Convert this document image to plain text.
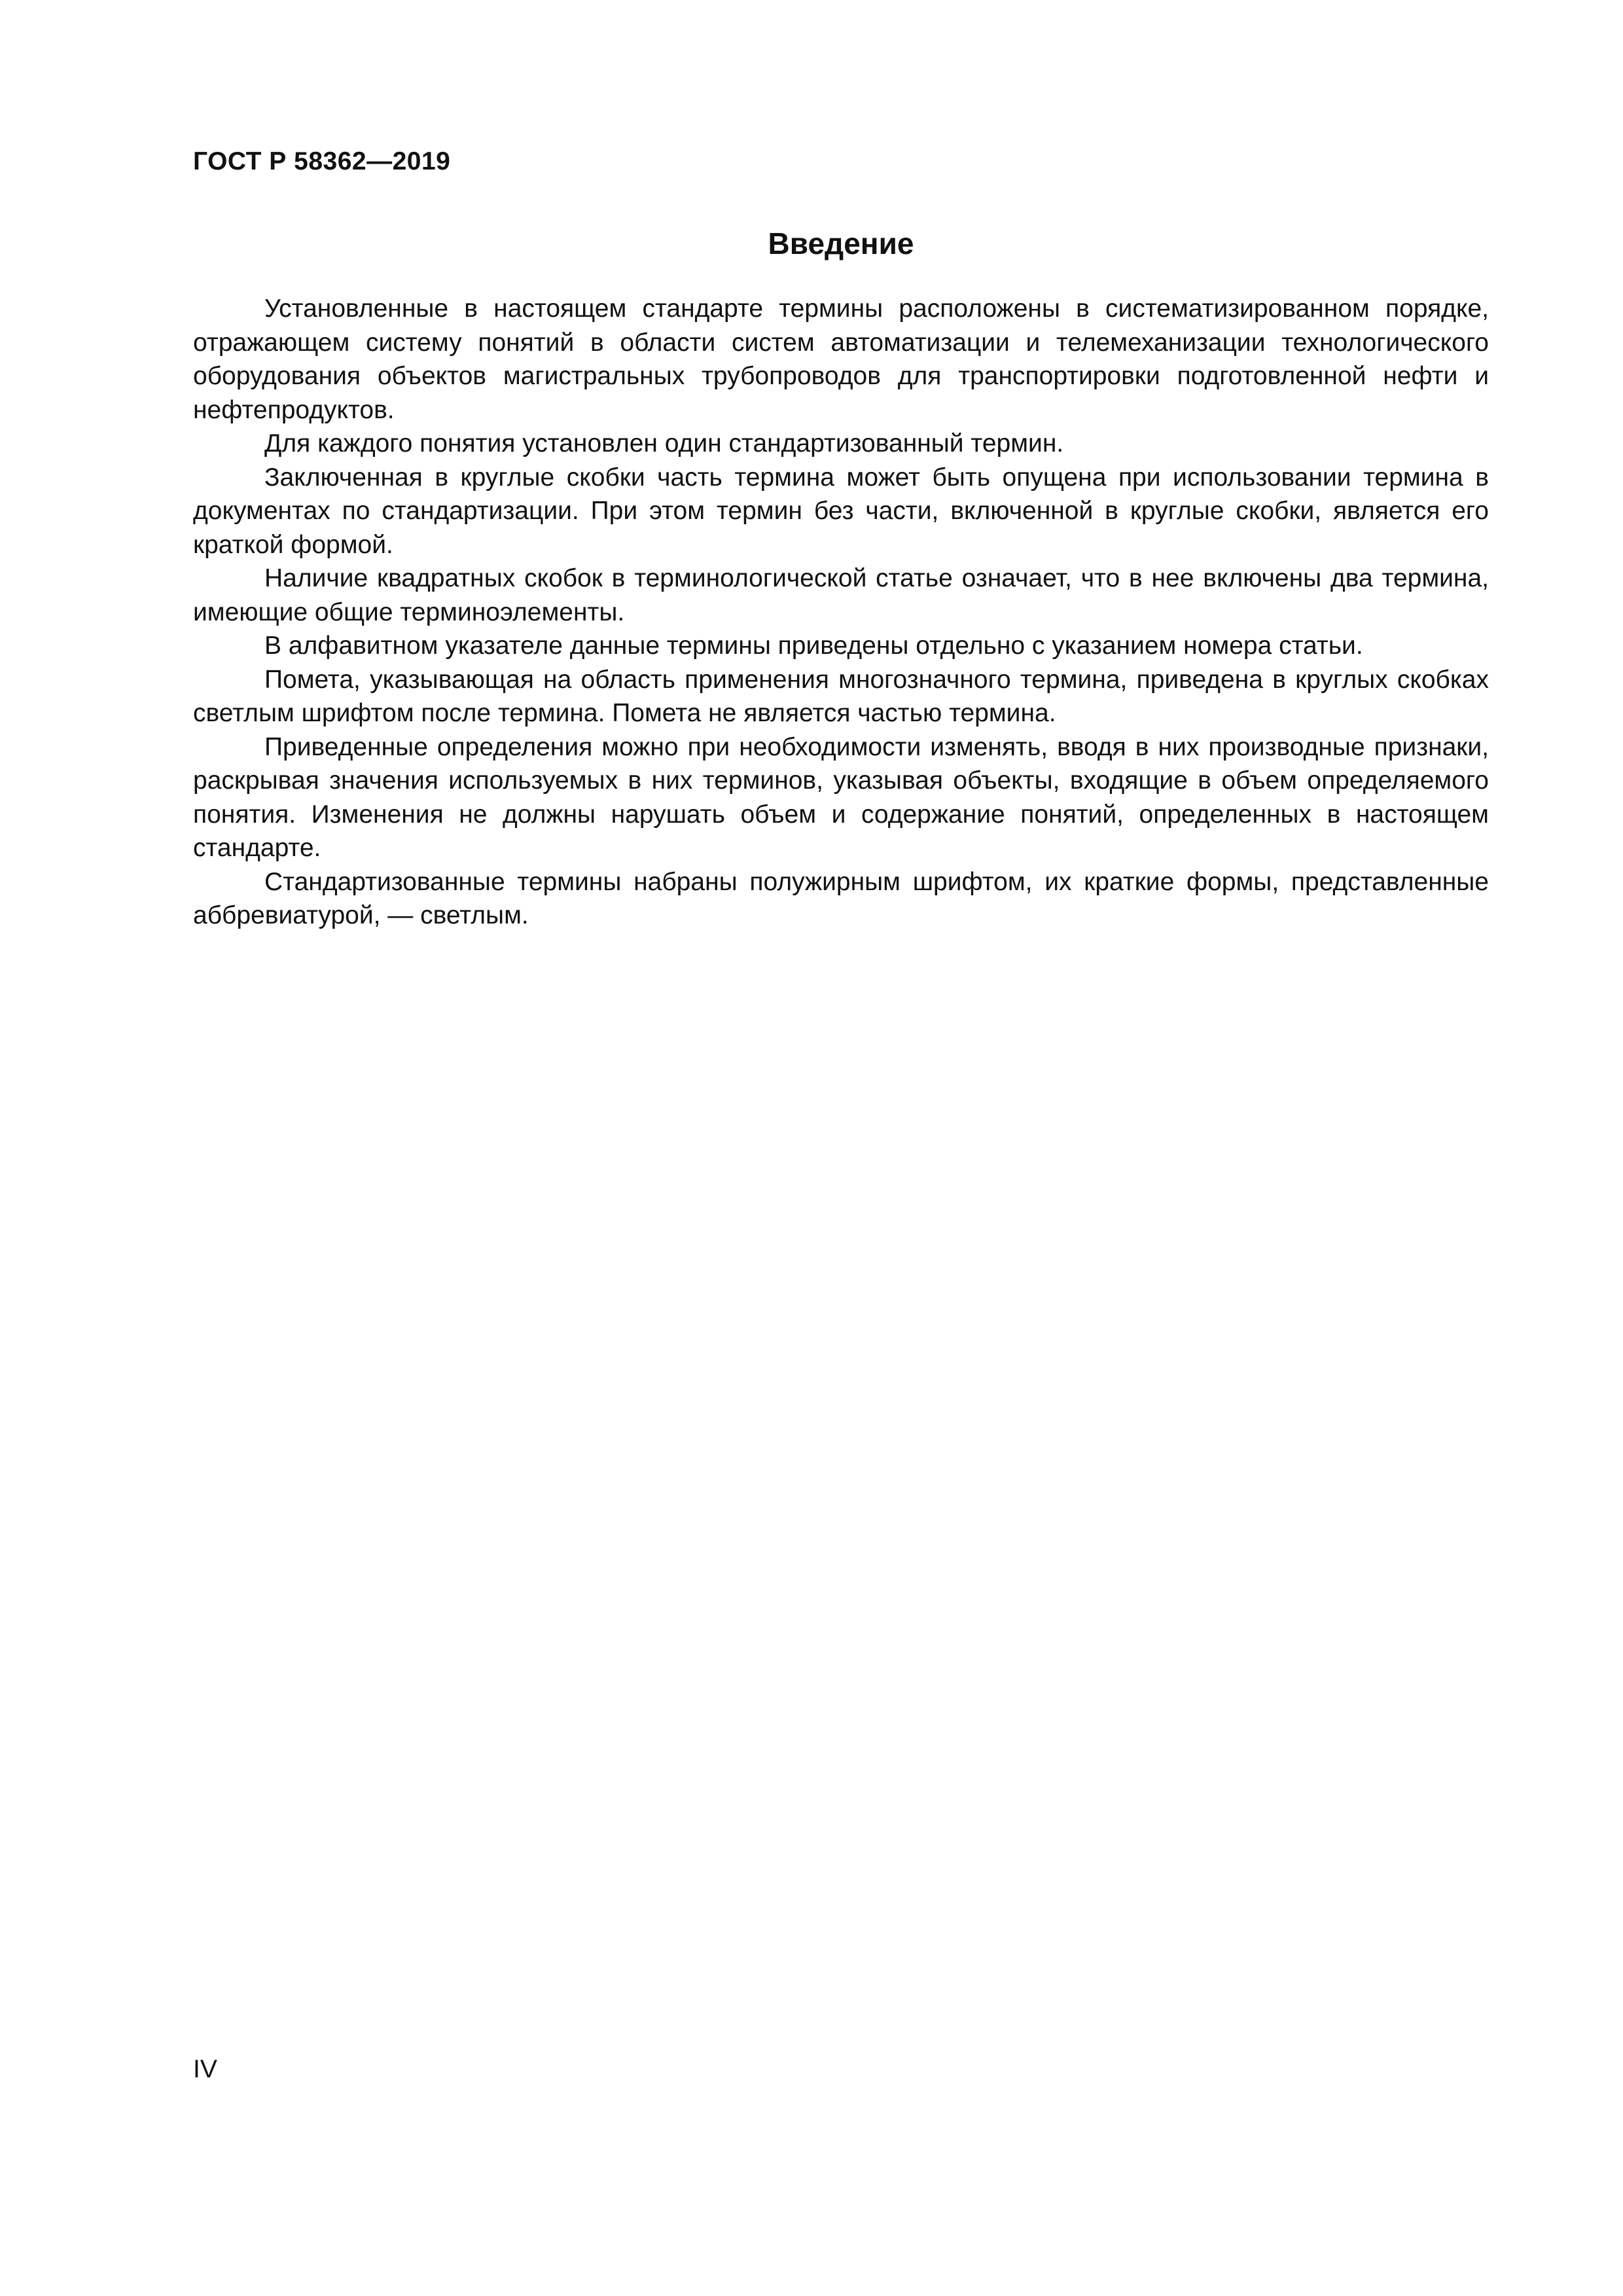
ГОСТ Р 58362—2019
Введение

Установленные в настоящем стандарте термины расположены в систематизированном порядке, отражающем систему понятий в области систем автоматизации и телемеханизации технологического оборудования объектов магистральных трубопроводов для транспортировки подготовленной нефти и нефтепродуктов.

Для каждого понятия установлен один стандартизованный термин.

Заключенная в круглые скобки часть термина может быть опущена при использовании термина в документах по стандартизации. При этом термин без части, включенной в круглые скобки, является его краткой формой.

Наличие квадратных скобок в терминологической статье означает, что в нее включены два термина, имеющие общие терминоэлементы.

В алфавитном указателе данные термины приведены отдельно с указанием номера статьи.

Помета, указывающая на область применения многозначного термина, приведена в круглых скобках светлым шрифтом после термина. Помета не является частью термина.

Приведенные определения можно при необходимости изменять, вводя в них производные признаки, раскрывая значения используемых в них терминов, указывая объекты, входящие в объем определяемого понятия. Изменения не должны нарушать объем и содержание понятий, определенных в настоящем стандарте.

Стандартизованные термины набраны полужирным шрифтом, их краткие формы, представленные аббревиатурой, — светлым.

IV
